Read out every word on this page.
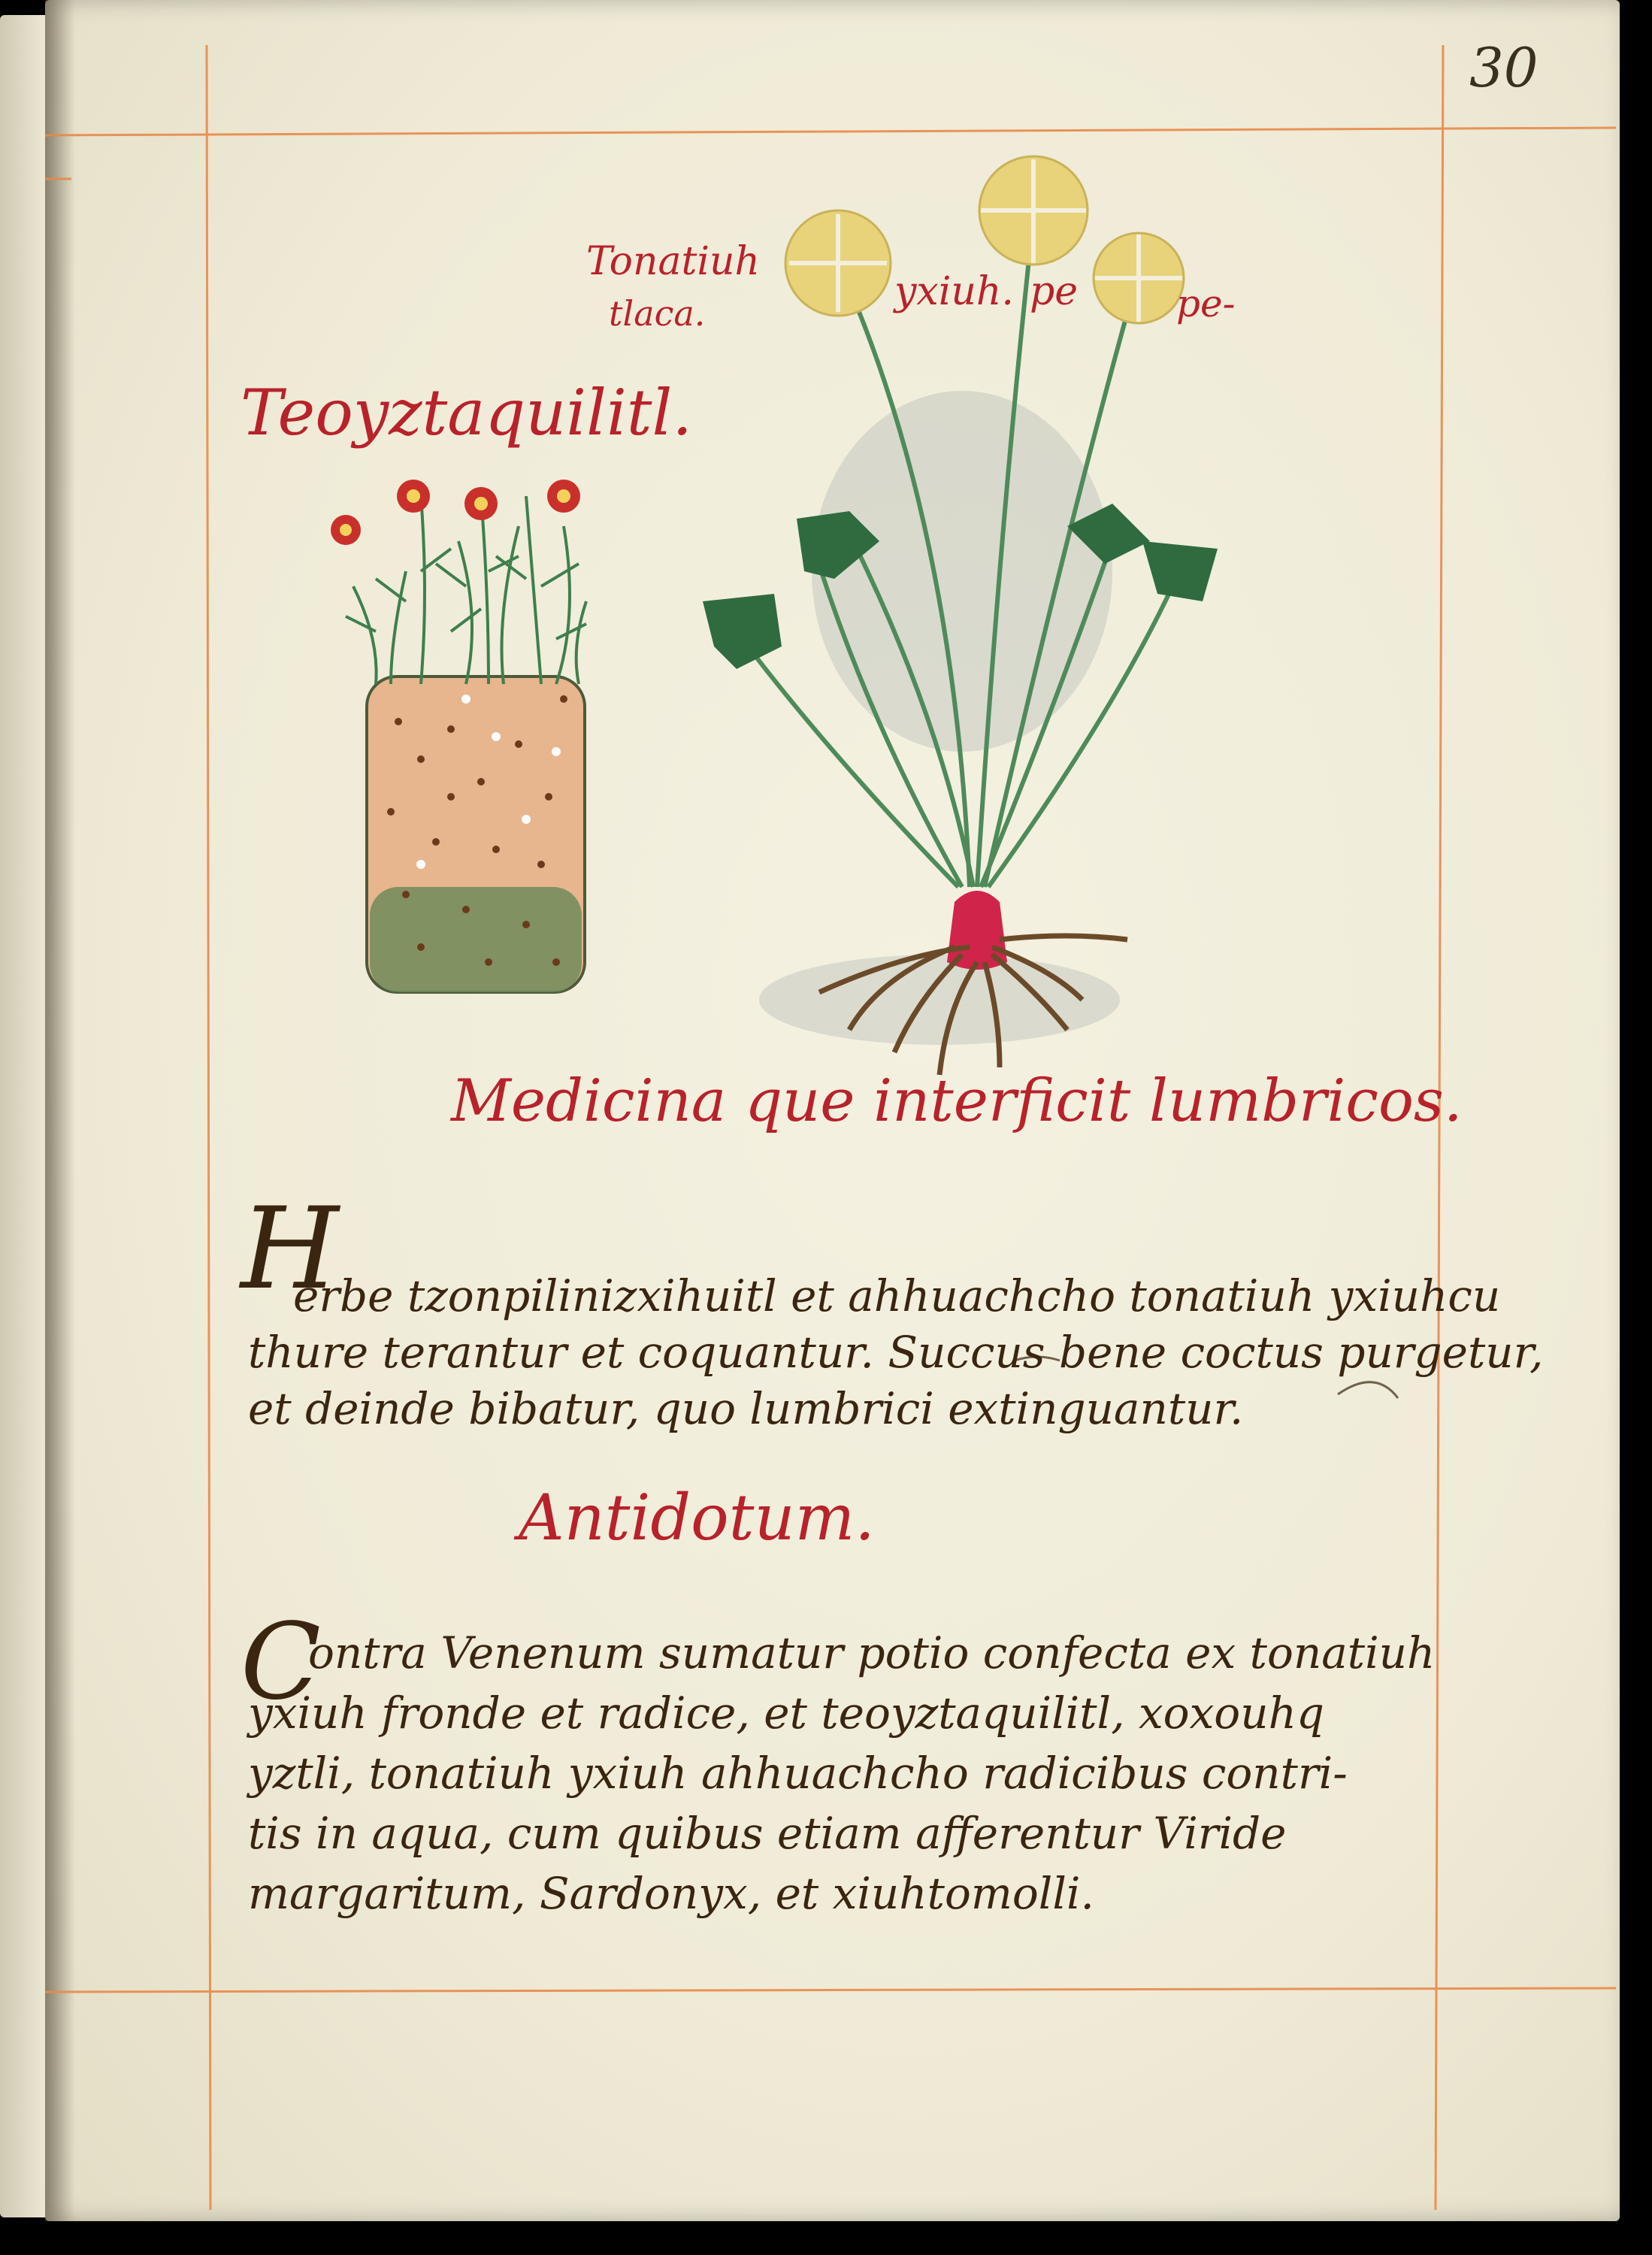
30
Tonatiuh
tlaca.	yxiuh. pe	pe-
Teoyztaquilitl.
Medicina que interficit lumbricos.
H
erbe tzonpilinizxihuitl et ahhuachcho tonatiuh yxiuhcu
thure terantur et coquantur. Succus bene coctus purgetur,
et deinde bibatur, quo lumbrici extinguantur.
Antidotum.
C
ontra Venenum sumatur potio confecta ex tonatiuh
yxiuh fronde et radice, et teoyztaquilitl, xoxouhq
yztli, tonatiuh yxiuh ahhuachcho radicibus contri-
tis in aqua, cum quibus etiam afferentur Viride
margaritum, Sardonyx, et xiuhtomolli.
